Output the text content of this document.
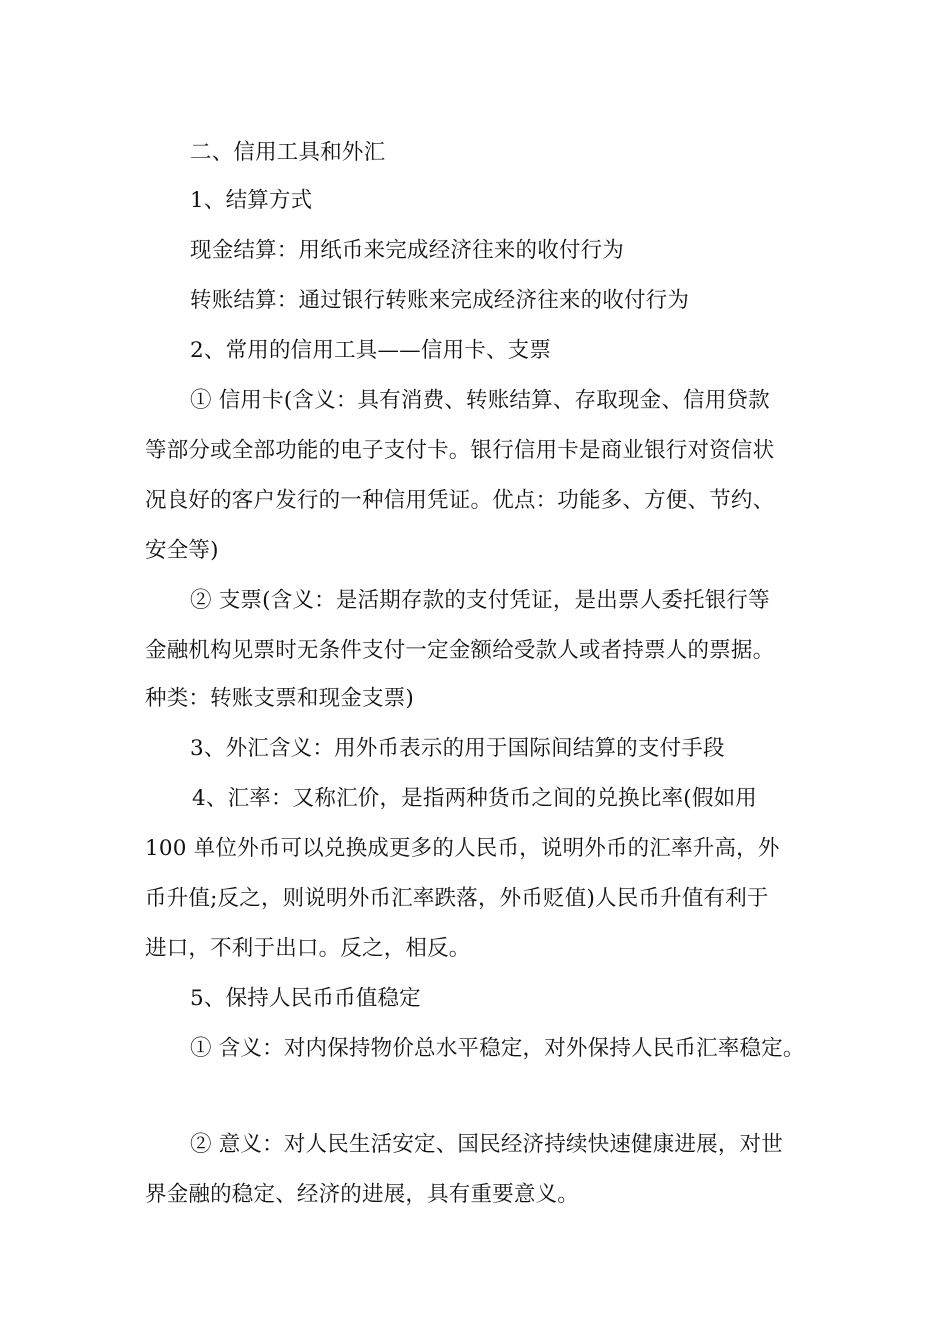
二、信用工具和外汇
1、结算方式
现金结算：用纸币来完成经济往来的收付行为
转账结算：通过银行转账来完成经济往来的收付行为
2、常用的信用工具——信用卡、支票
① 信用卡(含义：具有消费、转账结算、存取现金、信用贷款
等部分或全部功能的电子支付卡。银行信用卡是商业银行对资信状
况良好的客户发行的一种信用凭证。优点：功能多、方便、节约、
安全等)
② 支票(含义：是活期存款的支付凭证，是出票人委托银行等
金融机构见票时无条件支付一定金额给受款人或者持票人的票据。
种类：转账支票和现金支票)
3、外汇含义：用外币表示的用于国际间结算的支付手段
4、汇率：又称汇价，是指两种货币之间的兑换比率(假如用
100 单位外币可以兑换成更多的人民币，说明外币的汇率升高，外
币升值;反之，则说明外币汇率跌落，外币贬值)人民币升值有利于
进口，不利于出口。反之，相反。
5、保持人民币币值稳定
① 含义：对内保持物价总水平稳定，对外保持人民币汇率稳定。
② 意义：对人民生活安定、国民经济持续快速健康进展，对世
界金融的稳定、经济的进展，具有重要意义。
